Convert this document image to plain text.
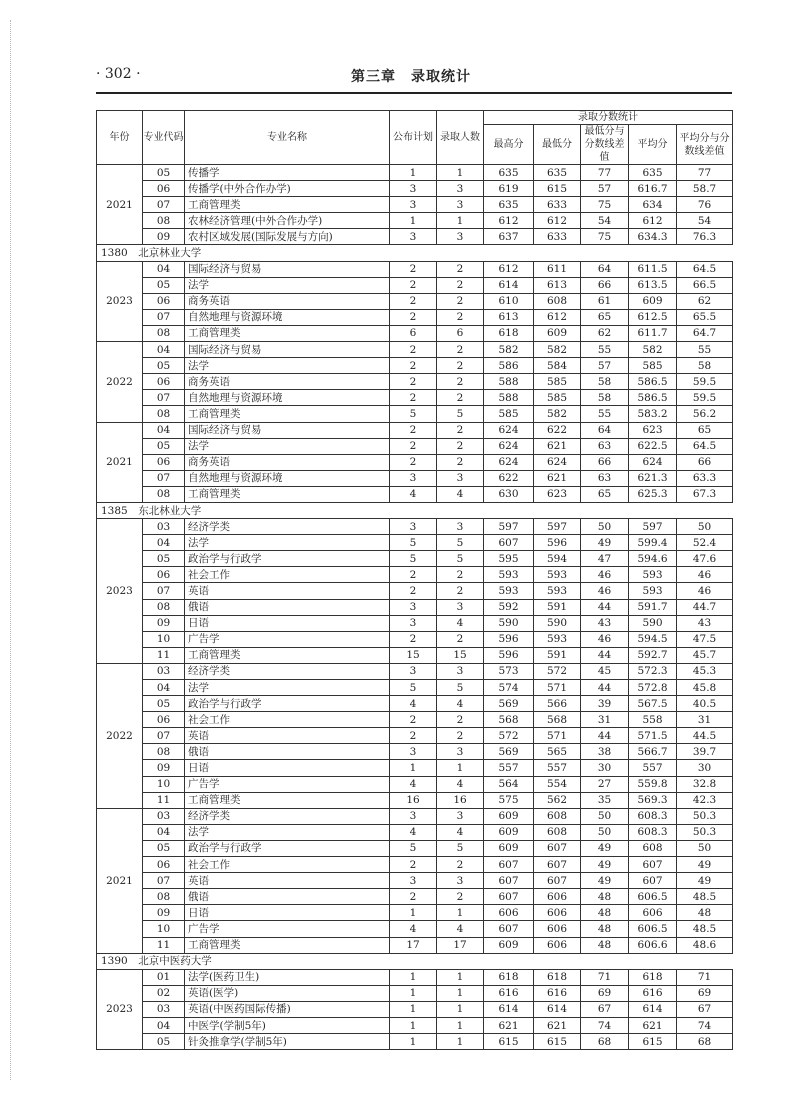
· 302 ·	第三章　录取统计
年份	专业代码	专业名称	公布计划	录取人数	录取分数统计				
					最高分	最低分	最低分与分数线差值	平均分	平均分与分数线差值
2021	05	传播学	1	1	635	635	77	635	77
	06	传播学(中外合作办学)	3	3	619	615	57	616.7	58.7
	07	工商管理类	3	3	635	633	75	634	76
	08	农林经济管理(中外合作办学)	1	1	612	612	54	612	54
	09	农村区域发展(国际发展与方向)	3	3	637	633	75	634.3	76.3
1380　北京林业大学									
2023	04	国际经济与贸易	2	2	612	611	64	611.5	64.5
	05	法学	2	2	614	613	66	613.5	66.5
	06	商务英语	2	2	610	608	61	609	62
	07	自然地理与资源环境	2	2	613	612	65	612.5	65.5
	08	工商管理类	6	6	618	609	62	611.7	64.7
2022	04	国际经济与贸易	2	2	582	582	55	582	55
	05	法学	2	2	586	584	57	585	58
	06	商务英语	2	2	588	585	58	586.5	59.5
	07	自然地理与资源环境	2	2	588	585	58	586.5	59.5
	08	工商管理类	5	5	585	582	55	583.2	56.2
2021	04	国际经济与贸易	2	2	624	622	64	623	65
	05	法学	2	2	624	621	63	622.5	64.5
	06	商务英语	2	2	624	624	66	624	66
	07	自然地理与资源环境	3	3	622	621	63	621.3	63.3
	08	工商管理类	4	4	630	623	65	625.3	67.3
1385　东北林业大学									
2023	03	经济学类	3	3	597	597	50	597	50
	04	法学	5	5	607	596	49	599.4	52.4
	05	政治学与行政学	5	5	595	594	47	594.6	47.6
	06	社会工作	2	2	593	593	46	593	46
	07	英语	2	2	593	593	46	593	46
	08	俄语	3	3	592	591	44	591.7	44.7
	09	日语	3	4	590	590	43	590	43
	10	广告学	2	2	596	593	46	594.5	47.5
	11	工商管理类	15	15	596	591	44	592.7	45.7
2022	03	经济学类	3	3	573	572	45	572.3	45.3
	04	法学	5	5	574	571	44	572.8	45.8
	05	政治学与行政学	4	4	569	566	39	567.5	40.5
	06	社会工作	2	2	568	568	31	558	31
	07	英语	2	2	572	571	44	571.5	44.5
	08	俄语	3	3	569	565	38	566.7	39.7
	09	日语	1	1	557	557	30	557	30
	10	广告学	4	4	564	554	27	559.8	32.8
	11	工商管理类	16	16	575	562	35	569.3	42.3
2021	03	经济学类	3	3	609	608	50	608.3	50.3
	04	法学	4	4	609	608	50	608.3	50.3
	05	政治学与行政学	5	5	609	607	49	608	50
	06	社会工作	2	2	607	607	49	607	49
	07	英语	3	3	607	607	49	607	49
	08	俄语	2	2	607	606	48	606.5	48.5
	09	日语	1	1	606	606	48	606	48
	10	广告学	4	4	607	606	48	606.5	48.5
	11	工商管理类	17	17	609	606	48	606.6	48.6
1390　北京中医药大学									
2023	01	法学(医药卫生)	1	1	618	618	71	618	71
	02	英语(医学)	1	1	616	616	69	616	69
	03	英语(中医药国际传播)	1	1	614	614	67	614	67
	04	中医学(学制5年)	1	1	621	621	74	621	74
	05	针灸推拿学(学制5年)	1	1	615	615	68	615	68
